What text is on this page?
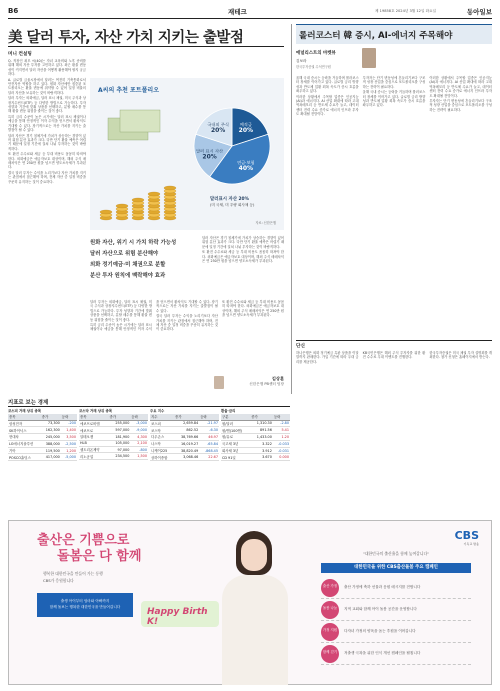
B6	재테크	제 19858호 2024년 3월 12일 화요일	동아일보
美 달러 투자, 자산 가치 지키는 출발점
머니 컨설팅

Q. 직장인 최모 씨(40)는 자녀 교육비와 노후 준비를 위해 해외 자산 투자를 고민하고 있다. 최근 환율 변동성이 커지면서 달러 자산을 어떻게 활용해야 할지 궁금하다.

A. 글로벌 금융시장에서 달러는 여전히 기축통화로서 안전자산 역할을 하고 있다. 원화 자산에만 집중된 포트폴리오는 환율 변동에 취약할 수 있어 일정 비율의 달러 자산을 보유하는 것이 바람직하다.

달러 투자는 외화예금, 달러 표시 채권, 미국 주식과 상장지수펀드(ETF) 등 다양한 방법으로 가능하다. 투자 성향과 기간에 맞춰 상품을 선택하고, 분할 매수를 통해 환율 변동 위험을 줄이는 것이 좋다.

특히 금리 수준이 높은 시기에는 달러 표시 채권이나 예금을 통해 안정적인 이자 수익을 얻으면서 환차익도 기대할 수 있다. 장기적으로는 자산 가치를 지키는 출발점이 될 수 있다.

달러 자산은 경기 침체기에 가치가 상승하는 경향이 있어 위험 분산 효과가 크다. 다만 단기 환율 예측은 어렵기 때문에 일정 기간에 걸쳐 나눠 투자하는 것이 바람직하다.

또 환전 수수료와 세금 등 부대 비용도 꼼꼼히 따져야 한다. 외화예금은 예금자보호 대상이며, 해외 주식 매매차익은 연 250만 원을 넘으면 양도소득세가 부과된다.

결국 달러 투자는 수익을 노리기보다 자산 가치를 지키는 관점에서 접근해야 하며, 전체 자산 중 일정 비중을 꾸준히 유지하는 것이 중요하다.

A씨의 추천 포트폴리오
예적금
20%
연금·보험
40%
달러 표시 자산
20%
국내외 주식
20%
달러표시 자산 20%
(미 국채, 미 우량 회사채 등)
자료: 신한은행
원화 자산, 위기 시 가치 하락 가능성
달러 자산으로 위험 분산해야
외화 정기예금·미 채권으로 분할
분산 투자 원칙에 맥락해야 효과

달러 자산은 경기 침체기에 가치가 상승하는 경향이 있어 위험 분산 효과가 크다. 다만 단기 환율 예측은 어렵기 때문에 일정 기간에 걸쳐 나눠 투자하는 것이 바람직하다.

또 환전 수수료와 세금 등 부대 비용도 꼼꼼히 따져야 한다. 외화예금은 예금자보호 대상이며, 해외 주식 매매차익은 연 250만 원을 넘으면 양도소득세가 부과된다.

달러 투자는 외화예금, 달러 표시 채권, 미국 주식과 상장지수펀드(ETF) 등 다양한 방법으로 가능하다. 투자 성향과 기간에 맞춰 상품을 선택하고, 분할 매수를 통해 환율 변동 위험을 줄이는 것이 좋다.

특히 금리 수준이 높은 시기에는 달러 표시 채권이나 예금을 통해 안정적인 이자 수익을 얻으면서 환차익도 기대할 수 있다. 장기적으로는 자산 가치를 지키는 출발점이 될 수 있다.

결국 달러 투자는 수익을 노리기보다 자산 가치를 지키는 관점에서 접근해야 하며, 전체 자산 중 일정 비중을 꾸준히 유지하는 것이 중요하다.

또 환전 수수료와 세금 등 부대 비용도 꼼꼼히 따져야 한다. 외화예금은 예금자보호 대상이며, 해외 주식 매매차익은 연 250만 원을 넘으면 양도소득세가 부과된다.

김상훈
신한은행 PB센터 팀장
롤러코스터 韓 증시, AI-에너지 주목해야
애널리스트의 마켓뷰
김보라
한국투자증권 수석연구원

올해 국내 증시는 등락을 거듭하며 롤러코스터 장세를 이어가고 있다. 글로벌 금리 방향성과 반도체 업황 회복 속도가 증시 흐름을 좌우하고 있다.

이러한 상황에서 주목할 업종은 인공지능(AI)과 에너지다. AI 산업 확대에 따라 고대역폭메모리 등 반도체 수요가 늘고, 데이터센터 전력 수요 증가로 에너지 인프라 투자도 확대될 전망이다.

투자자는 단기 변동성에 흔들리기보다 구조적 성장 산업을 중심으로 포트폴리오를 구성하는 전략이 필요하다.

올해 국내 증시는 등락을 거듭하며 롤러코스터 장세를 이어가고 있다. 글로벌 금리 방향성과 반도체 업황 회복 속도가 증시 흐름을 좌우하고 있다.

이러한 상황에서 주목할 업종은 인공지능(AI)과 에너지다. AI 산업 확대에 따라 고대역폭메모리 등 반도체 수요가 늘고, 데이터센터 전력 수요 증가로 에너지 인프라 투자도 확대될 전망이다.

투자자는 단기 변동성에 흔들리기보다 구조적 성장 산업을 중심으로 포트폴리오를 구성하는 전략이 필요하다.

단신

하나은행은 외화 정기예금 특판 상품을 이달 말까지 판매한다. 가입 기간에 따라 우대 금리를 제공한다.

KB국민은행은 해외 주식 투자자를 위한 환전 수수료 우대 이벤트를 진행한다.

한국투자증권은 미국 채권 투자 설명회를 개최한다. 참가 신청은 홈페이지에서 받는다.

지표로 보는 경제
코스피 거래 상위 종목
종목	종가	등락
삼성전자	73,300	-200
SK하이닉스	162,300	1,400
현대차	245,000	3,500
LG에너지솔루션	388,000	-2,500
기아	119,500	1,200
POSCO홀딩스	417,000	-5,000
코스닥 거래 상위 종목
종목	종가	등락
에코프로비엠	255,000	-3,000
에코프로	597,000	-9,000
알테오젠	181,900	4,300
HLB	105,000	2,100
셀트리온제약	97,000	-800
리노공업	234,500	1,500
주요 지수
지수	종가	등락
코스피	2,659.84	-21.97
코스닥	862.52	-6.30
다우존스	38,769.66	46.97
나스닥	16,019.27	-65.84
니케이225	38,820.49	-868.45
상하이종합	3,068.46	22.67
환율·금리
구분	종가	등락
원/달러	1,310.30	-2.80
원/엔(100엔)	891.56	5.41
원/유로	1,433.00	1.20
국고채 3년	3.322	-0.033
회사채 3년	3.912	-0.031
CD 91일	3.670	0.000
출산은 기쁨으로
돌봄은 다 함께
행복한 대한민국을 만들어 가는 동행
CBS가 응원합니다
출생 아이부터 엄마와 아빠까지
함께 돌보는 행복한 대한민국을 만들어갑니다	Happy Birth K!
CBS
기독교 방송
"대한민국의 출산율을 함께 높여갑니다"
대한민국을 위한 CBS출산돌봄 주요 캠페인
출산 가정	출산 가정에 축하 선물과 응원 메시지를 전합니다
돌봄 나눔	지역 교회와 함께 아이 돌봄 공간을 운영합니다
가정 지원	다자녀 가정의 양육을 돕는 후원을 이어갑니다
함께 걷기	저출생 극복을 위한 인식 개선 캠페인을 펼칩니다
